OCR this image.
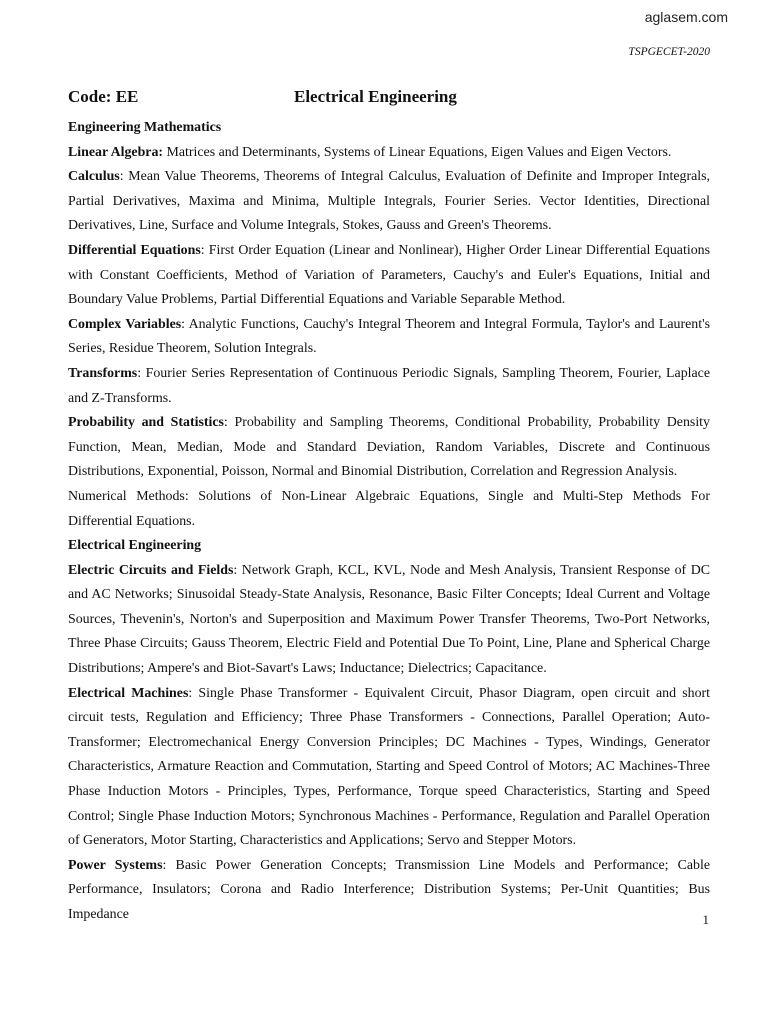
aglasem.com
TSPGECET-2020
Code: EE	Electrical Engineering

Engineering Mathematics

Linear Algebra: Matrices and Determinants, Systems of Linear Equations, Eigen Values and Eigen Vectors.

Calculus: Mean Value Theorems, Theorems of Integral Calculus, Evaluation of Definite and Improper Integrals, Partial Derivatives, Maxima and Minima, Multiple Integrals, Fourier Series. Vector Identities, Directional Derivatives, Line, Surface and Volume Integrals, Stokes, Gauss and Green's Theorems.

Differential Equations: First Order Equation (Linear and Nonlinear), Higher Order Linear Differential Equations with Constant Coefficients, Method of Variation of Parameters, Cauchy's and Euler's Equations, Initial and Boundary Value Problems, Partial Differential Equations and Variable Separable Method.

Complex Variables: Analytic Functions, Cauchy's Integral Theorem and Integral Formula, Taylor's and Laurent's Series, Residue Theorem, Solution Integrals.

Transforms: Fourier Series Representation of Continuous Periodic Signals, Sampling Theorem, Fourier, Laplace and Z-Transforms.

Probability and Statistics: Probability and Sampling Theorems, Conditional Probability, Probability Density Function, Mean, Median, Mode and Standard Deviation, Random Variables, Discrete and Continuous Distributions, Exponential, Poisson, Normal and Binomial Distribution, Correlation and Regression Analysis.

Numerical Methods: Solutions of Non-Linear Algebraic Equations, Single and Multi-Step Methods For Differential Equations.

Electrical Engineering

Electric Circuits and Fields: Network Graph, KCL, KVL, Node and Mesh Analysis, Transient Response of DC and AC Networks; Sinusoidal Steady-State Analysis, Resonance, Basic Filter Concepts; Ideal Current and Voltage Sources, Thevenin's, Norton's and Superposition and Maximum Power Transfer Theorems, Two-Port Networks, Three Phase Circuits; Gauss Theorem, Electric Field and Potential Due To Point, Line, Plane and Spherical Charge Distributions; Ampere's and Biot-Savart's Laws; Inductance; Dielectrics; Capacitance.

Electrical Machines: Single Phase Transformer - Equivalent Circuit, Phasor Diagram, open circuit and short circuit tests, Regulation and Efficiency; Three Phase Transformers - Connections, Parallel Operation; Auto-Transformer; Electromechanical Energy Conversion Principles; DC Machines - Types, Windings, Generator Characteristics, Armature Reaction and Commutation, Starting and Speed Control of Motors; AC Machines-Three Phase Induction Motors - Principles, Types, Performance, Torque speed Characteristics, Starting and Speed Control; Single Phase Induction Motors; Synchronous Machines - Performance, Regulation and Parallel Operation of Generators, Motor Starting, Characteristics and Applications; Servo and Stepper Motors.

Power Systems: Basic Power Generation Concepts; Transmission Line Models and Performance; Cable Performance, Insulators; Corona and Radio Interference; Distribution Systems; Per-Unit Quantities; Bus Impedance	1
